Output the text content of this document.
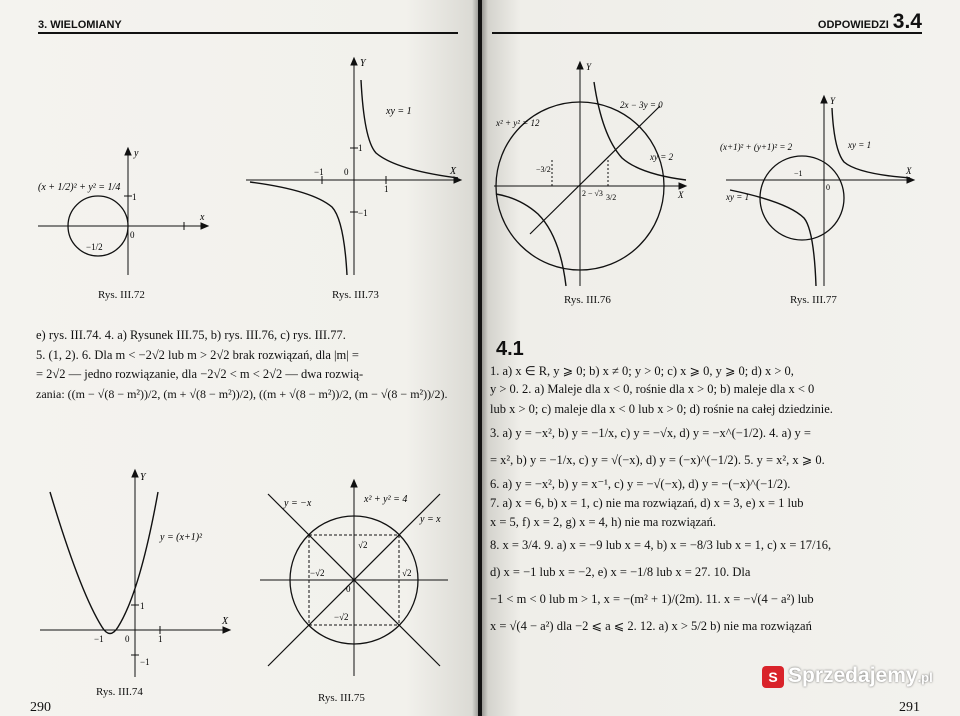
3. WIELOMIANY
y
x
(x + 1/2)² + y² = 1/4
1
−1/2
0
Rys. III.72
Y
X
xy = 1
1
−1
−1 0
1
Rys. III.73
e) rys. III.74. 4. a) Rysunek III.75, b) rys. III.76, c) rys. III.77.
5. (1, 2). 6. Dla m < −2√2 lub m > 2√2 brak rozwiązań, dla |m| =
= 2√2 — jedno rozwiązanie, dla −2√2 < m < 2√2 — dwa rozwią-
zania: ((m − √(8 − m²))/2, (m + √(8 − m²))/2), ((m + √(8 − m²))/2, (m − √(8 − m²))/2).
Y
X
y = (x+1)²
1
−1
−1 0	1
Rys. III.74
y = −x
y = x
x² + y² = 4
√2
−√2	√2
−√2
0
Rys. III.75
290
ODPOWIEDZI 3.4
x² + y² = 12
2x − 3y = 0
xy = 2
Y
−3/2
3/2
2 − √3	X
Rys. III.76
(x+1)² + (y+1)² = 2	xy = 1
xy = 1
Y
X
0
−1
Rys. III.77
4.1
1. a) x ∈ R, y ⩾ 0; b) x ≠ 0; y > 0; c) x ⩾ 0, y ⩾ 0; d) x > 0,
y > 0. 2. a) Maleje dla x < 0, rośnie dla x > 0; b) maleje dla x < 0
lub x > 0; c) maleje dla x < 0 lub x > 0; d) rośnie na całej dziedzinie.
3. a) y = −x², b) y = −1/x, c) y = −√x, d) y = −x^(−1/2). 4. a) y =
= x², b) y = −1/x, c) y = √(−x), d) y = (−x)^(−1/2). 5. y = x², x ⩾ 0.
6. a) y = −x², b) y = x⁻¹, c) y = −√(−x), d) y = −(−x)^(−1/2).
7. a) x = 6, b) x = 1, c) nie ma rozwiązań, d) x = 3, e) x = 1 lub
x = 5, f) x = 2, g) x = 4, h) nie ma rozwiązań.
8. x = 3/4. 9. a) x = −9 lub x = 4, b) x = −8/3 lub x = 1, c) x = 17/16,
d) x = −1 lub x = −2, e) x = −1/8 lub x = 27. 10. Dla
−1 < m < 0 lub m > 1, x = −(m² + 1)/(2m). 11. x = −√(4 − a²) lub
x = √(4 − a²) dla −2 ⩽ a ⩽ 2. 12. a) x > 5/2 b) nie ma rozwiązań
291
S Sprzedajemy.pl
